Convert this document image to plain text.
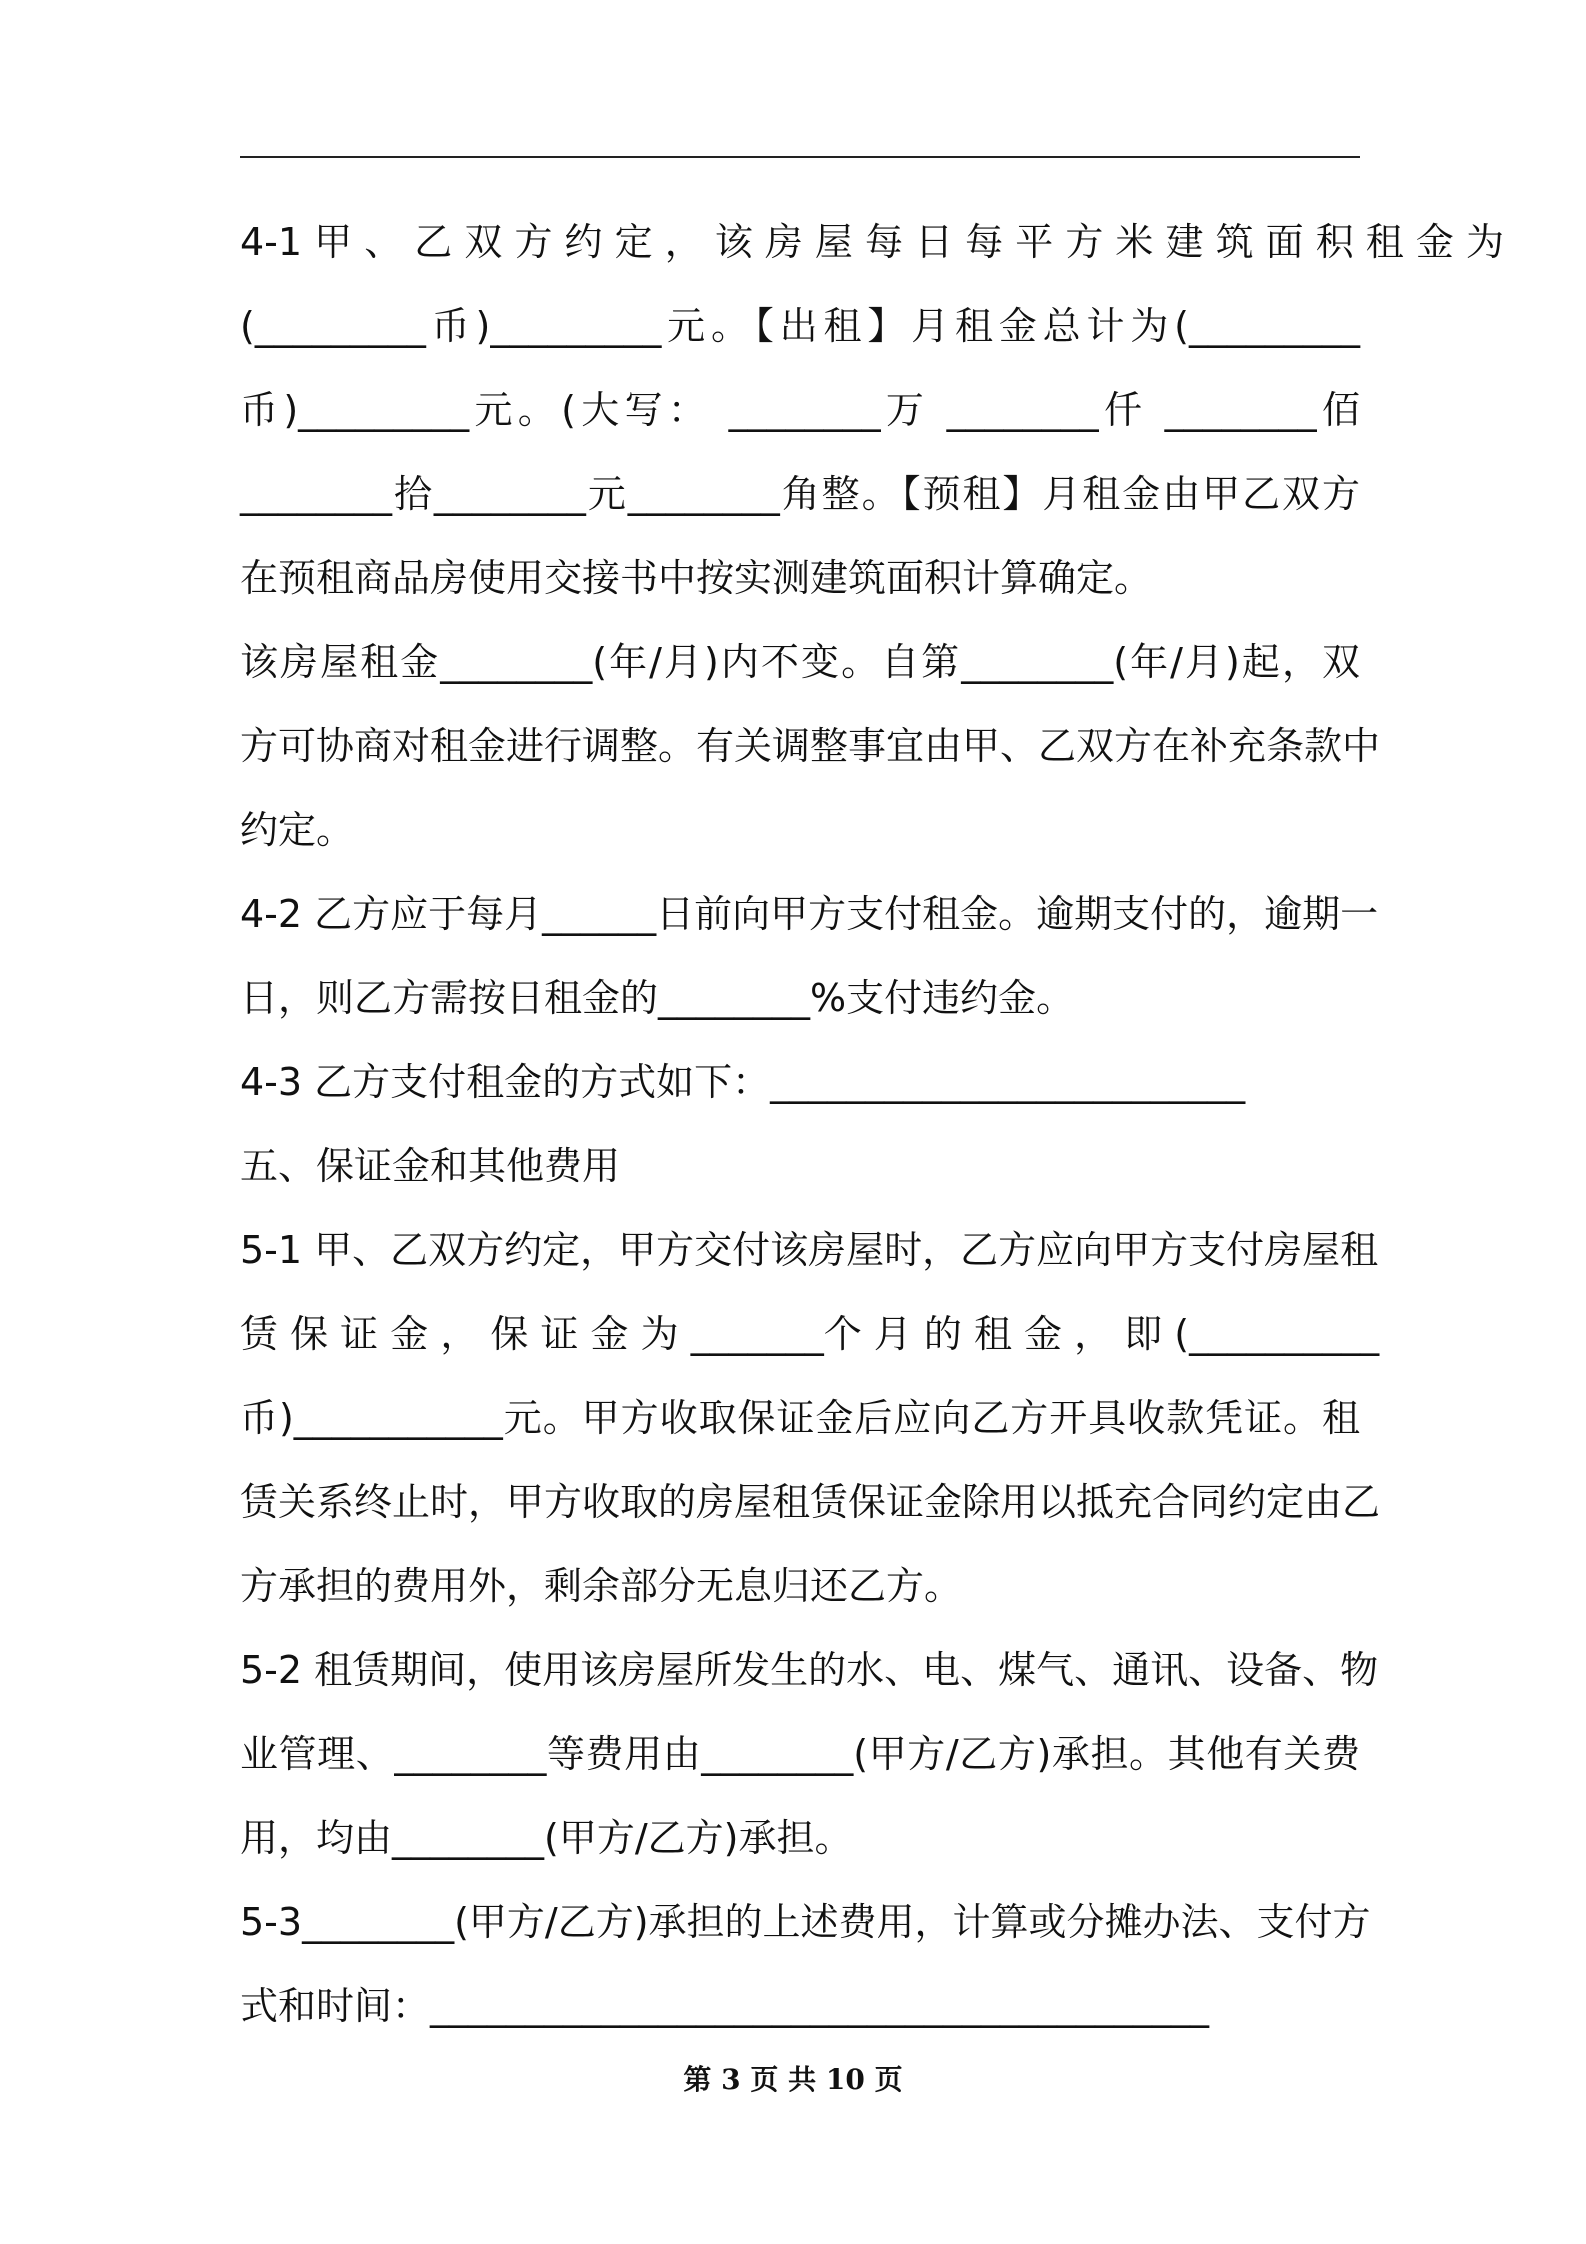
4-1 甲 、 乙 双 方 约 定 ， 该 房 屋 每 日 每 平 方 米 建 筑 面 积 租 金 为
(_________币)_________元。【出租】月租金总计为(_________
币)_________元。(大写： ________万 ________仟 ________佰
________拾________元________角整。【预租】月租金由甲乙双方
在预租商品房使用交接书中按实测建筑面积计算确定。
该房屋租金________(年/月)内不变。自第________(年/月)起，双
方可协商对租金进行调整。有关调整事宜由甲、乙双方在补充条款中
约定。
4-2 乙方应于每月______日前向甲方支付租金。逾期支付的，逾期一
日，则乙方需按日租金的________%支付违约金。
4-3 乙方支付租金的方式如下：_________________________
五、保证金和其他费用
5-1 甲、乙双方约定，甲方交付该房屋时，乙方应向甲方支付房屋租
赁 保 证 金 ， 保 证 金 为 _______个 月 的 租 金 ， 即 (__________
币)___________元。甲方收取保证金后应向乙方开具收款凭证。租
赁关系终止时，甲方收取的房屋租赁保证金除用以抵充合同约定由乙
方承担的费用外，剩余部分无息归还乙方。
5-2 租赁期间，使用该房屋所发生的水、电、煤气、通讯、设备、物
业管理、________等费用由________(甲方/乙方)承担。其他有关费
用，均由________(甲方/乙方)承担。
5-3________(甲方/乙方)承担的上述费用，计算或分摊办法、支付方
式和时间：_________________________________________
第 3 页 共 10 页
